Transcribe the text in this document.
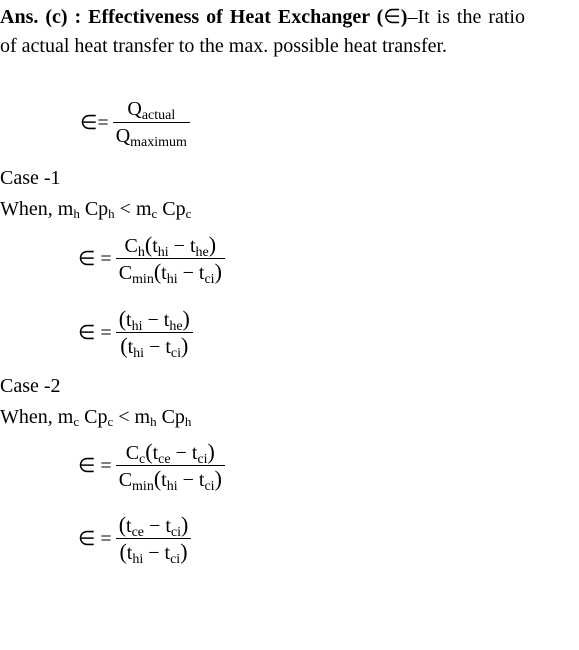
Ans. (c) : Effectiveness of Heat Exchanger (∈)–It is the ratio of actual heat transfer to the max. possible heat transfer.
∈= $\frac{Q_{actual}}{Q_{maximum}}$
Case -1
When, $m_h$ $Cp_h < m_c$ $Cp_c$
∈ = $\frac{C_h(t_{hi} - t_{he})}{C_{min}(t_{hi} - t_{ci})}$
∈ = $\frac{(t_{hi} - t_{he})}{(t_{hi} - t_{ci})}$
Case -2
When, $m_c$ $Cp_c < m_h$ $Cp_h$
∈ = $\frac{C_c(t_{ce} - t_{ci})}{C_{min}(t_{hi} - t_{ci})}$
∈ = $\frac{(t_{ce} - t_{ci})}{(t_{hi} - t_{ci})}$
